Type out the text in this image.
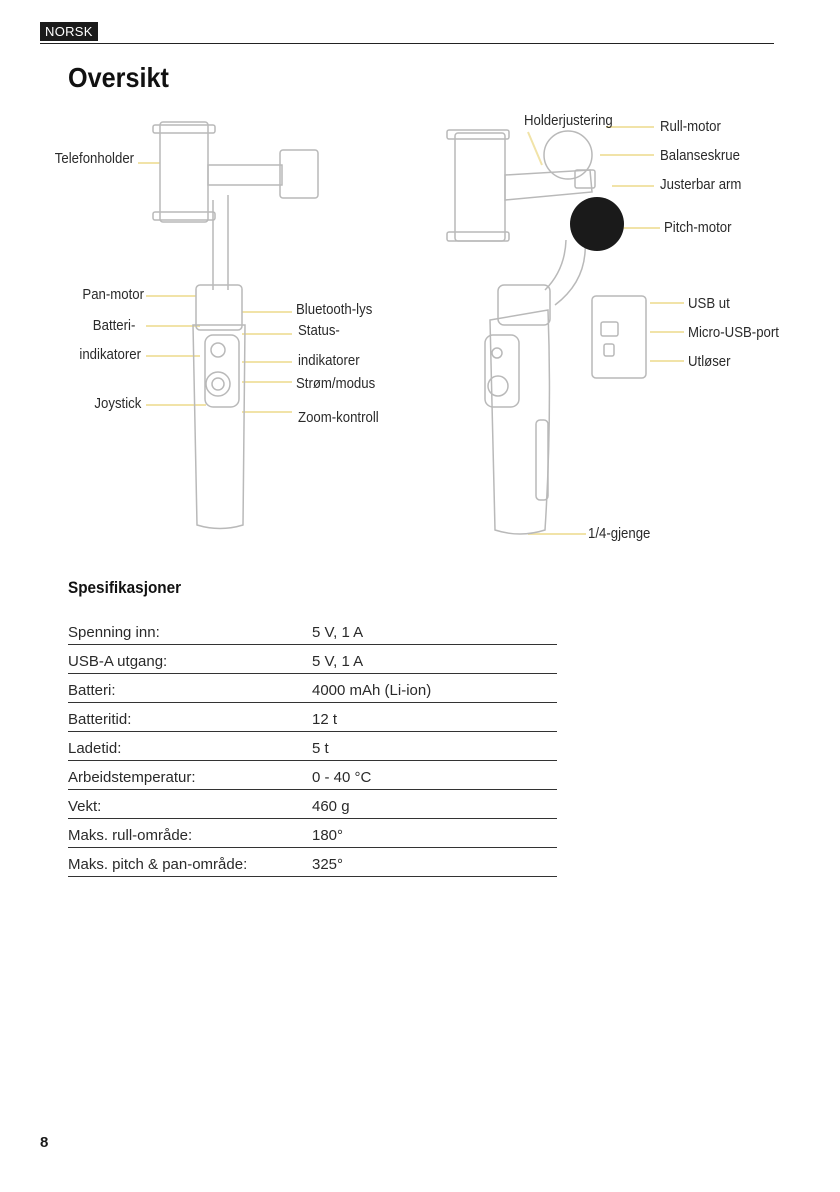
NORSK
Oversikt
Telefonholder
Pan-motor
Batteri-
indikatorer
Joystick
Bluetooth-lys
Status-
indikatorer
Strøm/modus
Zoom-kontroll
Holderjustering	Rull-motor
Balanseskrue
Justerbar arm
Pitch-motor
USB ut
Micro-USB-port
Utløser
1/4-gjenge
Spesifikasjoner
Spenning inn:	5 V, 1 A
USB-A utgang:	5 V, 1 A
Batteri:	4000 mAh (Li-ion)
Batteritid:	12 t
Ladetid:	5 t
Arbeidstemperatur:	0 - 40 °C
Vekt:	460 g
Maks. rull-område:	180°
Maks. pitch & pan-område:	325°
8
